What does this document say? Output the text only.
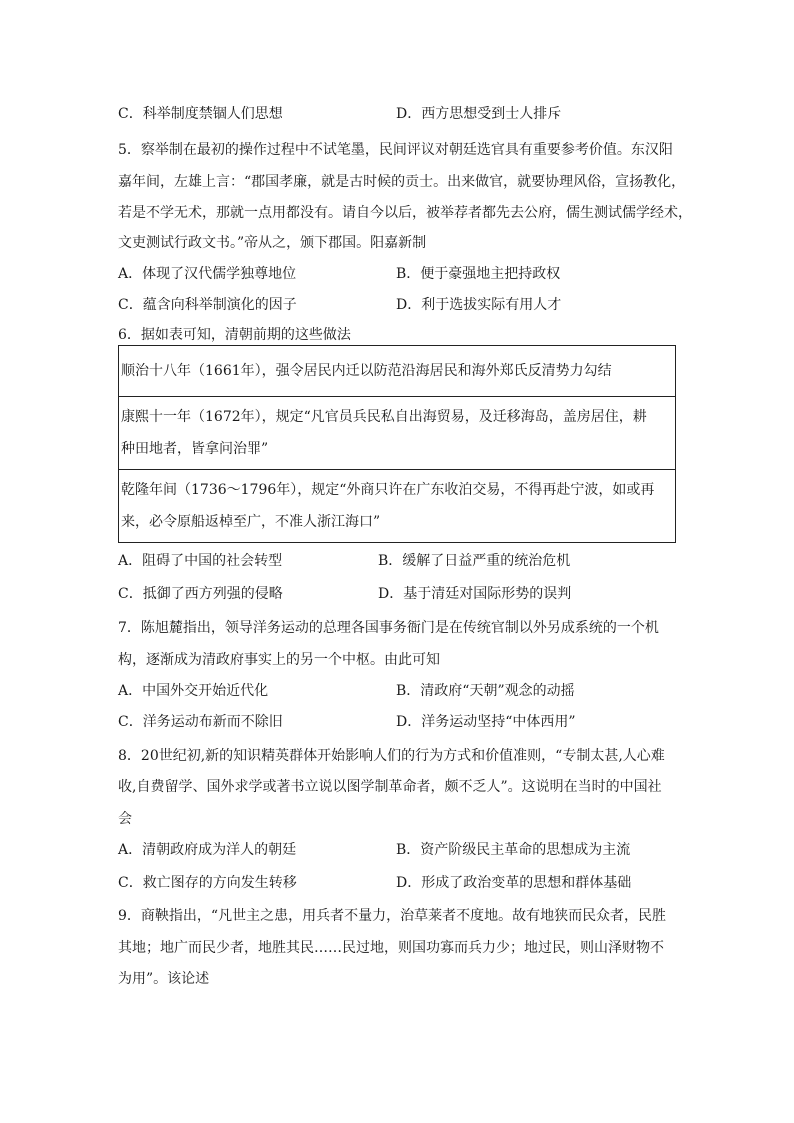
C．科举制度禁锢人们思想	D．西方思想受到士人排斥
5．察举制在最初的操作过程中不试笔墨，民间评议对朝廷选官具有重要参考价值。东汉阳
嘉年间，左雄上言：“郡国孝廉，就是古时候的贡士。出来做官，就要协理风俗，宣扬教化，
若是不学无术，那就一点用都没有。请自今以后，被举荐者都先去公府，儒生测试儒学经术，
文吏测试行政文书。”帝从之，颁下郡国。阳嘉新制
A．体现了汉代儒学独尊地位	B．便于豪强地主把持政权
C．蕴含向科举制演化的因子	D．利于选拔实际有用人才
6．据如表可知，清朝前期的这些做法
顺治十八年（1661年），强令居民内迁以防范沿海居民和海外郑氏反清势力勾结

康熙十一年（1672年），规定“凡官员兵民私自出海贸易，及迁移海岛，盖房居住，耕
种田地者，皆拿问治罪”

乾隆年间（1736～1796年），规定“外商只许在广东收泊交易，不得再赴宁波，如或再
来，必令原船返棹至广，不准人浙江海口”
A．阻碍了中国的社会转型	B．缓解了日益严重的统治危机
C．抵御了西方列强的侵略	D．基于清廷对国际形势的误判
7．陈旭麓指出，领导洋务运动的总理各国事务衙门是在传统官制以外另成系统的一个机
构，逐渐成为清政府事实上的另一个中枢。由此可知
A．中国外交开始近代化	B．清政府“天朝”观念的动摇
C．洋务运动布新而不除旧	D．洋务运动坚持“中体西用”
8．20世纪初,新的知识精英群体开始影响人们的行为方式和价值准则，“专制太甚,人心难
收,自费留学、国外求学或著书立说以图学制革命者，颇不乏人”。这说明在当时的中国社
会
A．清朝政府成为洋人的朝廷	B．资产阶级民主革命的思想成为主流
C．救亡图存的方向发生转移	D．形成了政治变革的思想和群体基础
9．商鞅指出，“凡世主之患，用兵者不量力，治草莱者不度地。故有地狭而民众者，民胜
其地；地广而民少者，地胜其民……民过地，则国功寡而兵力少；地过民，则山泽财物不
为用”。该论述
